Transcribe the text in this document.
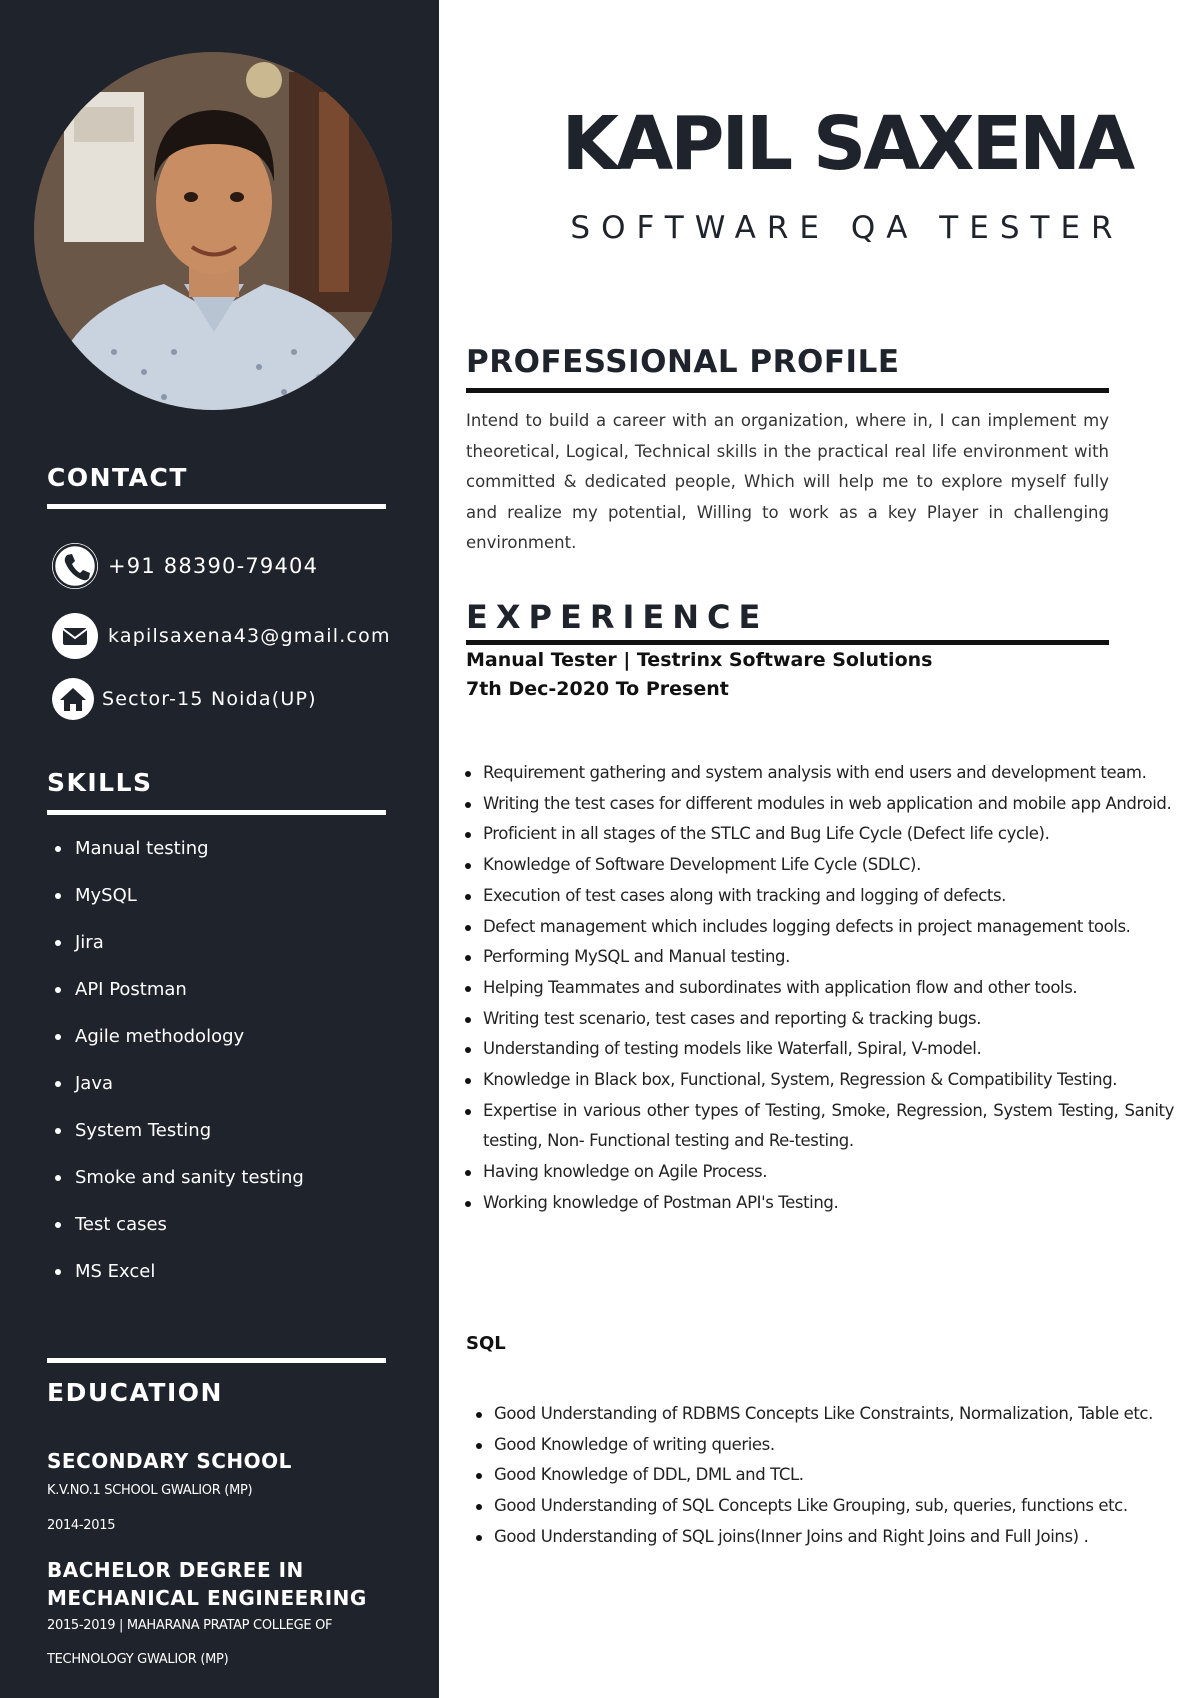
CONTACT
+91 88390-79404
kapilsaxena43@gmail.com
Sector-15 Noida(UP)
SKILLS
Manual testing
MySQL
Jira
API Postman
Agile methodology
Java
System Testing
Smoke and sanity testing
Test cases
MS Excel
EDUCATION

SECONDARY SCHOOL

K.V.NO.1 SCHOOL GWALIOR (MP)

2014-2015

BACHELOR DEGREE IN MECHANICAL ENGINEERING

2015-2019 | MAHARANA PRATAP COLLEGE OF

TECHNOLOGY GWALIOR (MP)

KAPIL SAXENA
SOFTWARE QA TESTER
PROFESSIONAL PROFILE

Intend to build a career with an organization, where in, I can implement my theoretical, Logical, Technical skills in the practical real life environment with committed & dedicated people, Which will help me to explore myself fully and realize my potential, Willing to work as a key Player in challenging environment.

EXPERIENCE

Manual Tester | Testrinx Software Solutions

7th Dec-2020 To Present

Requirement gathering and system analysis with end users and development team.
Writing the test cases for different modules in web application and mobile app Android.
Proficient in all stages of the STLC and Bug Life Cycle (Defect life cycle).
Knowledge of Software Development Life Cycle (SDLC).
Execution of test cases along with tracking and logging of defects.
Defect management which includes logging defects in project management tools.
Performing MySQL and Manual testing.
Helping Teammates and subordinates with application flow and other tools.
Writing test scenario, test cases and reporting & tracking bugs.
Understanding of testing models like Waterfall, Spiral, V-model.
Knowledge in Black box, Functional, System, Regression & Compatibility Testing.
Expertise in various other types of Testing, Smoke, Regression, System Testing, Sanity testing, Non- Functional testing and Re-testing.
Having knowledge on Agile Process.
Working knowledge of Postman API's Testing.
SQL
Good Understanding of RDBMS Concepts Like Constraints, Normalization, Table etc.
Good Knowledge of writing queries.
Good Knowledge of DDL, DML and TCL.
Good Understanding of SQL Concepts Like Grouping, sub, queries, functions etc.
Good Understanding of SQL joins(Inner Joins and Right Joins and Full Joins) .
